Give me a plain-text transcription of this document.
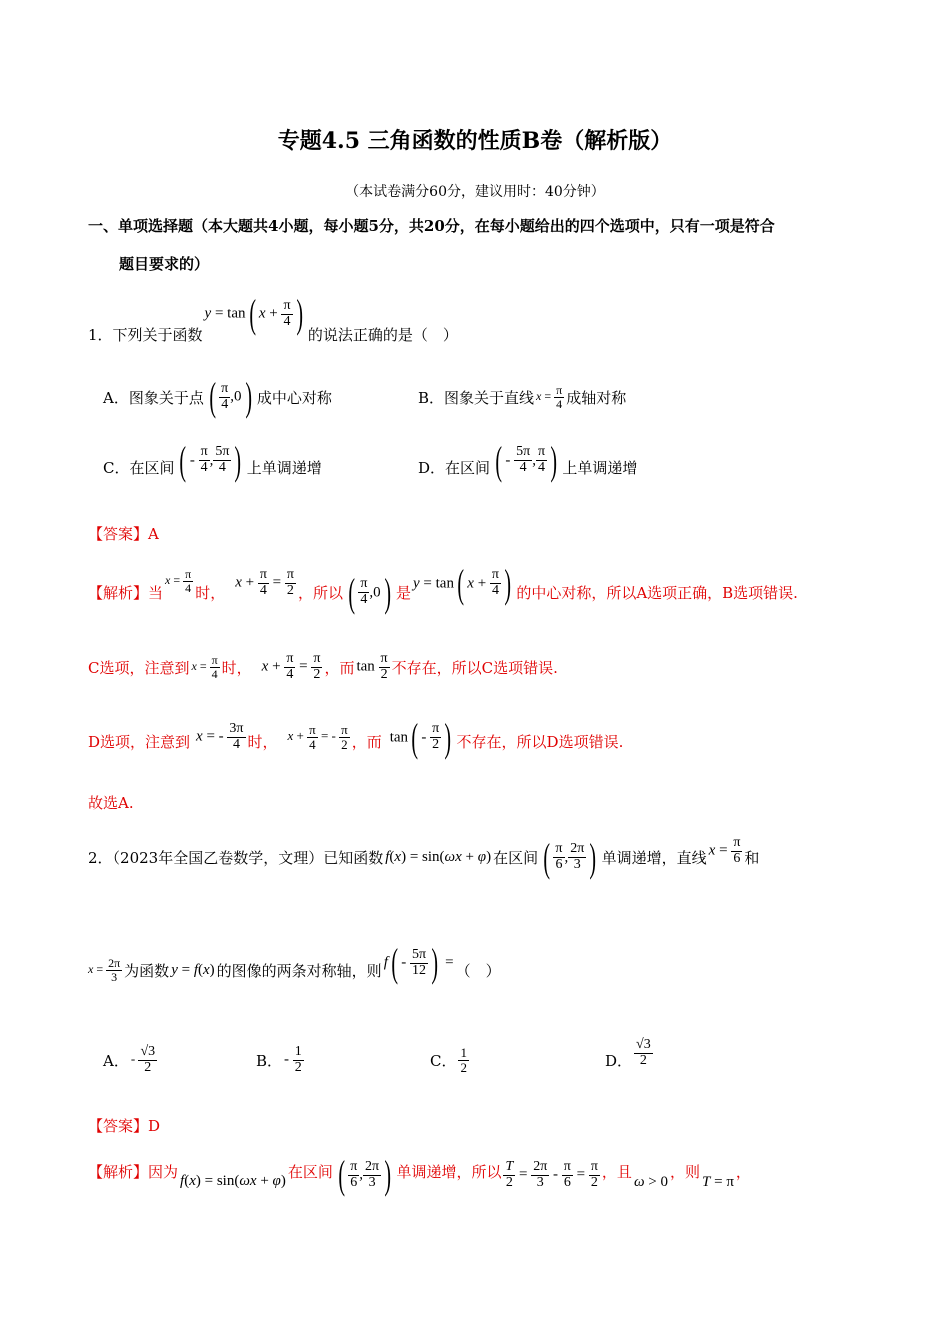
专题4.5 三角函数的性质B卷（解析版）
（本试卷满分60分，建议用时：40分钟）
一、单项选择题（本大题共4小题，每小题5分，共20分，在每小题给出的四个选项中，只有一项是符合
题目要求的）
1．下列关于函数
y = tan( $x + \frac{\pi}{4}$ ) 的说法正确的是（　）
A．图象关于点 ( $\frac{\pi}{4} ,0$) 成中心对称	B．图象关于直线 $x = \frac{\pi}{4}$ 成轴对称
C．在区间 ( - $\frac{\pi}{4}$ , $\frac{5\pi}{4}$ ) 上单调递增	D．在区间 ( - $\frac{5\pi}{4}$ , $\frac{\pi}{4}$ ) 上单调递增
【答案】A
【解析】当
$x = \frac{\pi}{4}$ 时，
$x + \frac{\pi}{4} = \frac{\pi}{2}$ ，所以 ( $\frac{\pi}{4} ,0$) 是
y = tan( $x + \frac{\pi}{4}$ ) 的中心对称，所以A选项正确，B选项错误.
C选项，注意到 $x = \frac{\pi}{4}$ 时， $x + \frac{\pi}{4} = \frac{\pi}{2}$ ，而 $\tan \frac{\pi}{2}$ 不存在，所以C选项错误.
D选项，注意到 x = - $\frac{3\pi}{4}$ 时， $x + \frac{\pi}{4}$ = - $\frac{\pi}{2}$ ，而 $\tan( - \frac{\pi}{2}$ ) 不存在，所以D选项错误.
故选A.
2．（2023年全国乙卷数学，文理）已知函数 f(x) = sin(ωx + φ) 在区间 ( $\frac{\pi}{6}$ , $\frac{2\pi}{3}$ ) 单调递增，直线 $x = \frac{\pi}{6}$ 和
$x = \frac{2\pi}{3}$ 为函数 y = f(x) 的图像的两条对称轴，则 $f( - \frac{5\pi}{12}$ ) = （　）
A． - $\frac{√3}{2}$	B． - $\frac{1}{2}$	C． $\frac{1}{2}$	D． $\frac{√3}{2}$
【答案】D
【解析】因为 f(x) = sin(ωx + φ) 在区间 ( $\frac{\pi}{6}$ , $\frac{2\pi}{3}$ ) 单调递增，所以 $\frac{T}{2} = \frac{2\pi}{3} - \frac{\pi}{6} = \frac{\pi}{2}$ ，且
ω > 0
，则
T = π
，
